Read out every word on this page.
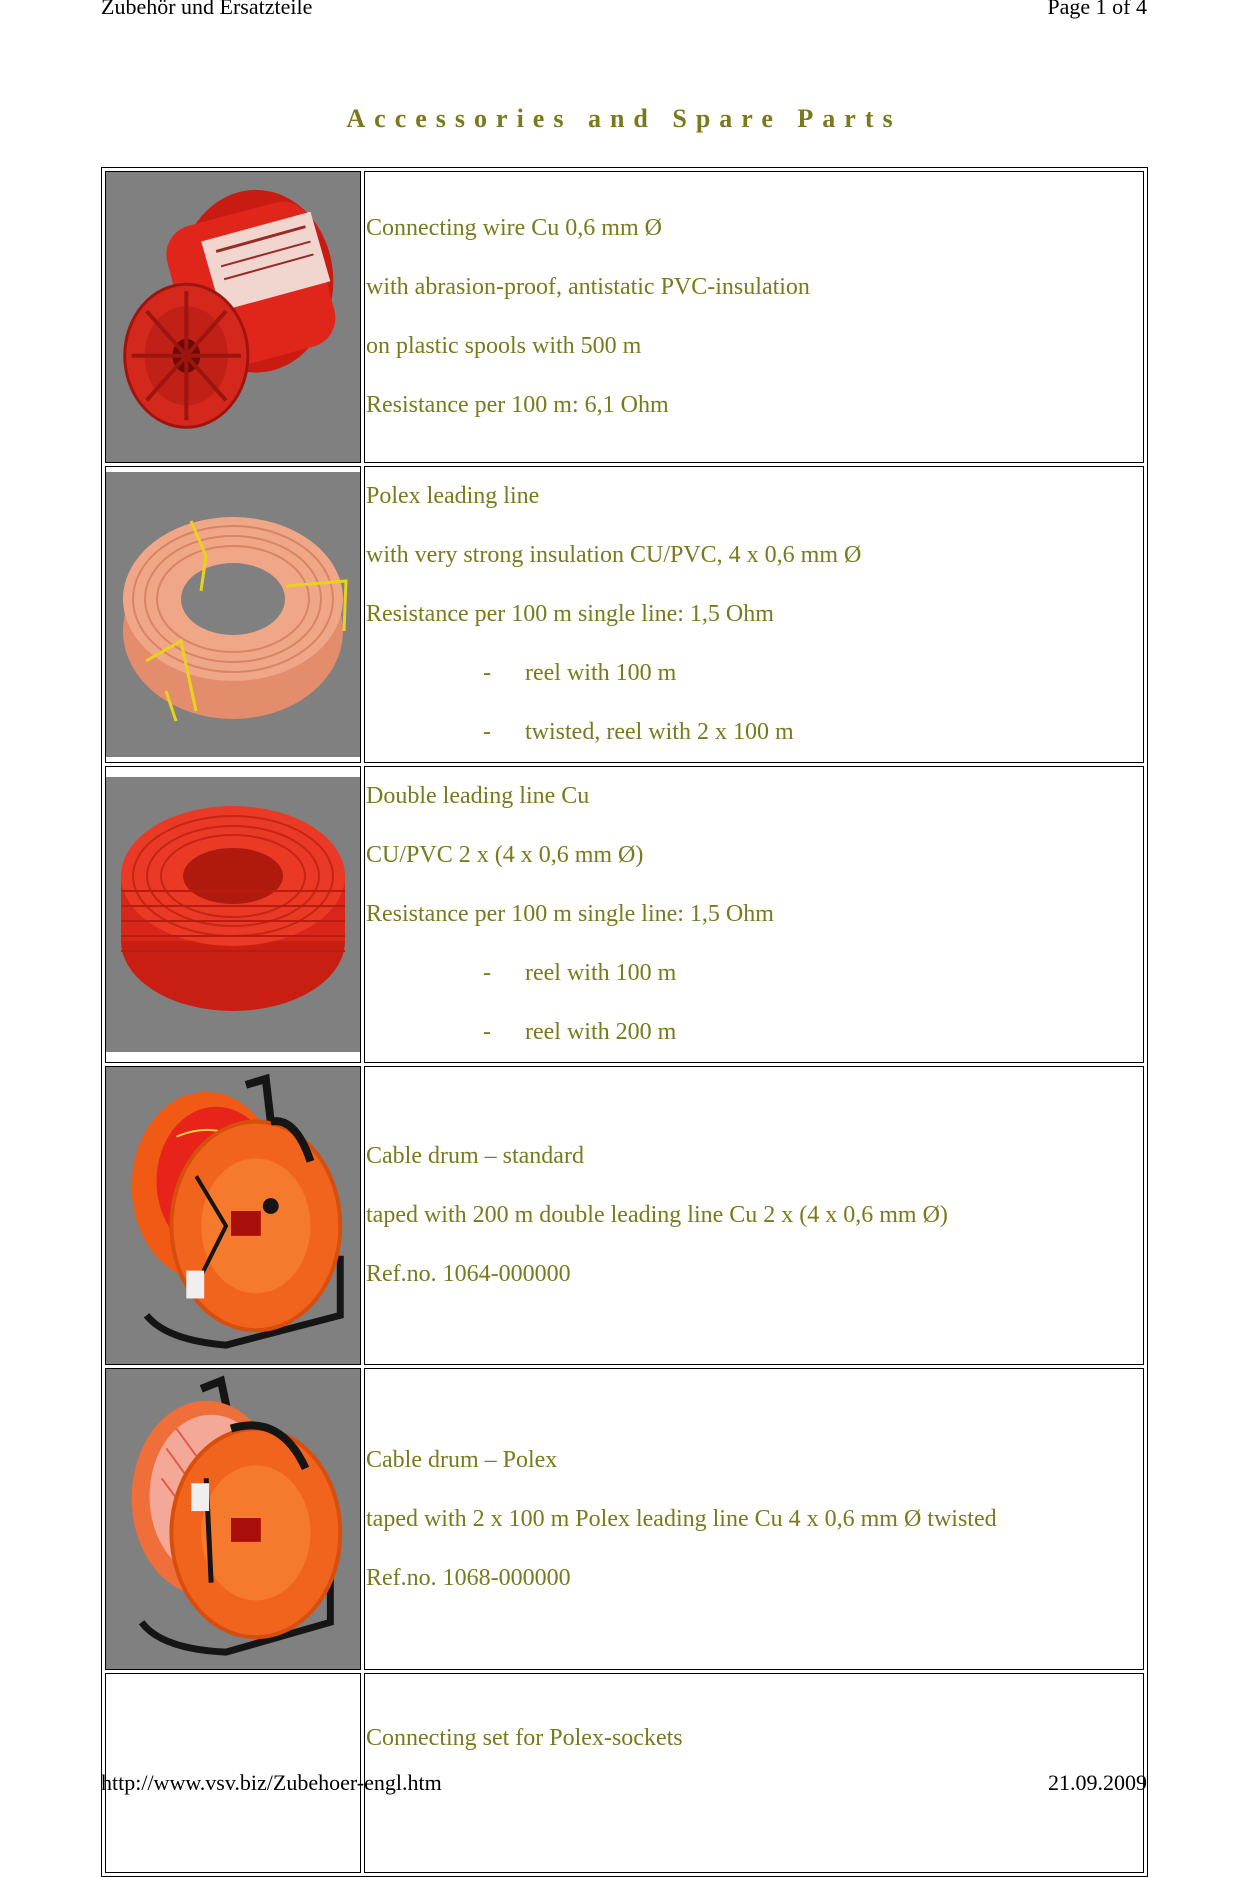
Zubehör und Ersatzteile	Page 1 of 4
Accessories and Spare Parts

Connecting wire Cu 0,6 mm Ø
with abrasion-proof, antistatic PVC-insulation
on plastic spools with 500 m
Resistance per 100 m: 6,1 Ohm

Polex leading line
with very strong insulation CU/PVC, 4 x 0,6 mm Ø
Resistance per 100 m single line: 1,5 Ohm
- reel with 100 m
- twisted, reel with 2 x 100 m

Double leading line Cu
CU/PVC 2 x (4 x 0,6 mm Ø)
Resistance per 100 m single line: 1,5 Ohm
- reel with 100 m
- reel with 200 m

Cable drum – standard
taped with 200 m double leading line Cu 2 x (4 x 0,6 mm Ø)
Ref.no. 1064-000000

Cable drum – Polex
taped with 2 x 100 m Polex leading line Cu 4 x 0,6 mm Ø twisted
Ref.no. 1068-000000

	Connecting set for Polex-sockets
http://www.vsv.biz/Zubehoer-engl.htm	21.09.2009
